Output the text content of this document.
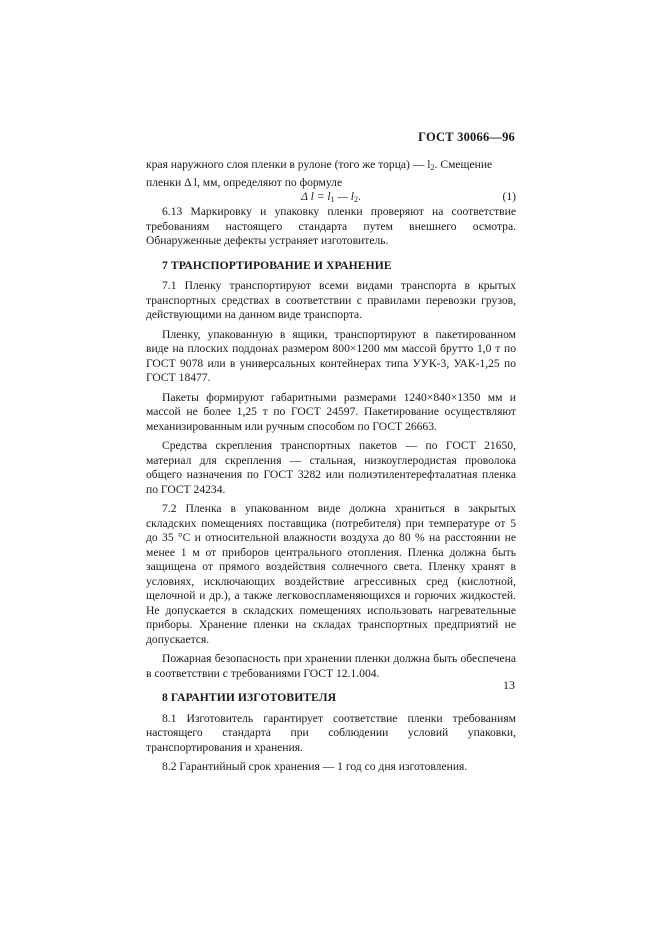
ГОСТ 30066—96

края наружного слоя пленки в рулоне (того же торца) — $l_2$. Смещение
пленки Δ l, мм, определяют по формуле

Δ $l = l_1$ — $l_2$.	(1)

6.13 Маркировку и упаковку пленки проверяют на соответствие требованиям настоящего стандарта путем внешнего осмотра. Обнаруженные дефекты устраняет изготовитель.

7 ТРАНСПОРТИРОВАНИЕ И ХРАНЕНИЕ

7.1 Пленку транспортируют всеми видами транспорта в крытых транспортных средствах в соответствии с правилами перевозки грузов, действующими на данном виде транспорта.

Пленку, упакованную в ящики, транспортируют в пакетированном виде на плоских поддонах размером 800×1200 мм массой брутто 1,0 т по ГОСТ 9078 или в универсальных контейнерах типа УУК-3, УАК-1,25 по ГОСТ 18477.

Пакеты формируют габаритными размерами 1240×840×1350 мм и массой не более 1,25 т по ГОСТ 24597. Пакетирование осуществляют механизированным или ручным способом по ГОСТ 26663.

Средства скрепления транспортных пакетов — по ГОСТ 21650, материал для скрепления — стальная, низкоуглеродистая проволока общего назначения по ГОСТ 3282 или полиэтилентерефталатная пленка по ГОСТ 24234.

7.2 Пленка в упакованном виде должна храниться в закрытых складских помещениях поставщика (потребителя) при температуре от 5 до 35 °С и относительной влажности воздуха до 80 % на расстоянии не менее 1 м от приборов центрального отопления. Пленка должна быть защищена от прямого воздействия солнечного света. Пленку хранят в условиях, исключающих воздействие агрессивных сред (кислотной, щелочной и др.), а также легковоспламеняющихся и горючих жидкостей. Не допускается в складских помещениях использовать нагревательные приборы. Хранение пленки на складах транспортных предприятий не допускается.

Пожарная безопасность при хранении пленки должна быть обеспечена в соответствии с требованиями ГОСТ 12.1.004.

8 ГАРАНТИИ ИЗГОТОВИТЕЛЯ

8.1 Изготовитель гарантирует соответствие пленки требованиям настоящего стандарта при соблюдении условий упаковки, транспортирования и хранения.

8.2 Гарантийный срок хранения — 1 год со дня изготовления.

13
